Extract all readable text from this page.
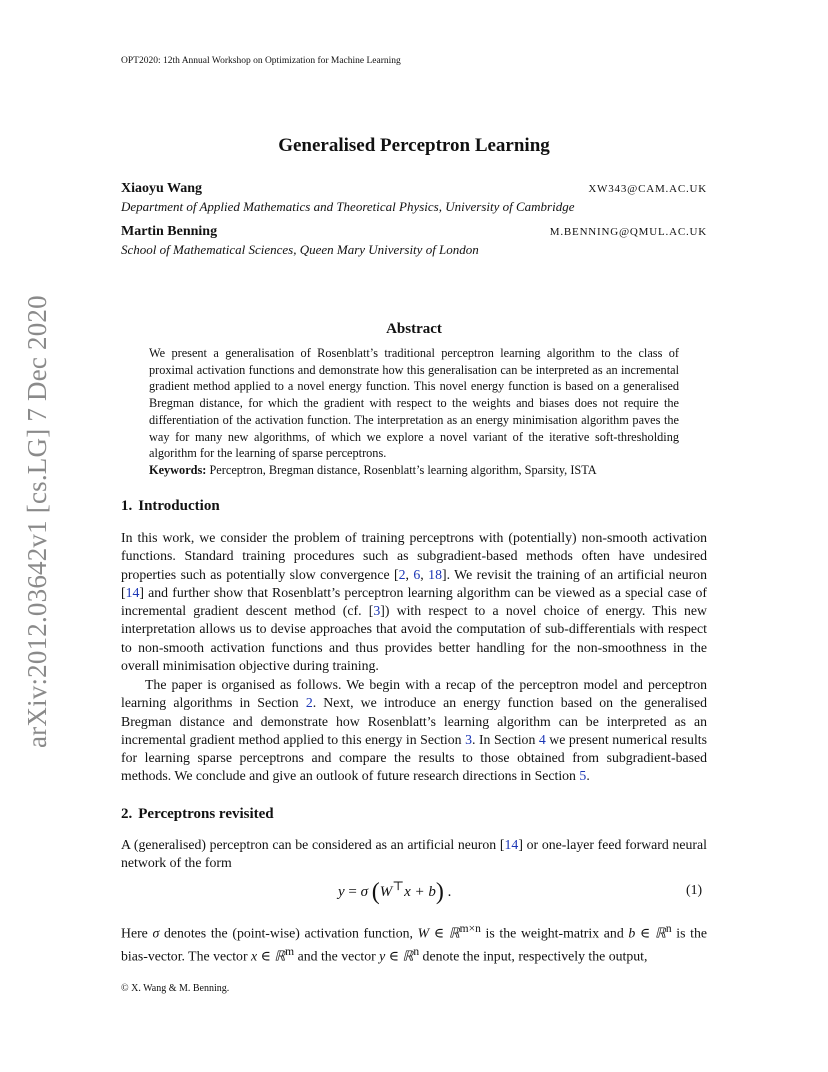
OPT2020: 12th Annual Workshop on Optimization for Machine Learning
arXiv:2012.03642v1 [cs.LG] 7 Dec 2020
Generalised Perceptron Learning
Xiaoyu Wang	XW343@CAM.AC.UK
Department of Applied Mathematics and Theoretical Physics, University of Cambridge
Martin Benning	M.BENNING@QMUL.AC.UK
School of Mathematical Sciences, Queen Mary University of London
Abstract
We present a generalisation of Rosenblatt’s traditional perceptron learning algorithm to the class of proximal activation functions and demonstrate how this generalisation can be interpreted as an incremental gradient method applied to a novel energy function. This novel energy function is based on a generalised Bregman distance, for which the gradient with respect to the weights and biases does not require the differentiation of the activation function. The interpretation as an energy minimisation algorithm paves the way for many new algorithms, of which we explore a novel variant of the iterative soft-thresholding algorithm for the learning of sparse perceptrons.
Keywords: Perceptron, Bregman distance, Rosenblatt’s learning algorithm, Sparsity, ISTA
1. Introduction
In this work, we consider the problem of training perceptrons with (potentially) non-smooth activation functions. Standard training procedures such as subgradient-based methods often have undesired properties such as potentially slow convergence [2, 6, 18]. We revisit the training of an artificial neuron [14] and further show that Rosenblatt’s perceptron learning algorithm can be viewed as a special case of incremental gradient descent method (cf. [3]) with respect to a novel choice of energy. This new interpretation allows us to devise approaches that avoid the computation of sub-differentials with respect to non-smooth activation functions and thus provides better handling for the non-smoothness in the overall minimisation objective during training.
The paper is organised as follows. We begin with a recap of the perceptron model and perceptron learning algorithms in Section 2. Next, we introduce an energy function based on the generalised Bregman distance and demonstrate how Rosenblatt’s learning algorithm can be interpreted as an incremental gradient method applied to this energy in Section 3. In Section 4 we present numerical results for learning sparse perceptrons and compare the results to those obtained from subgradient-based methods. We conclude and give an outlook of future research directions in Section 5.
2. Perceptrons revisited
A (generalised) perceptron can be considered as an artificial neuron [14] or one-layer feed forward neural network of the form
y = σ (W⊤x + b) .	(1)
Here σ denotes the (point-wise) activation function, W ∈ ℝ$^{m\times n}$ is the weight-matrix and b ∈ ℝ$^n$ is the bias-vector. The vector x ∈ ℝ$^m$ and the vector y ∈ ℝ$^n$ denote the input, respectively the output,
© X. Wang & M. Benning.
